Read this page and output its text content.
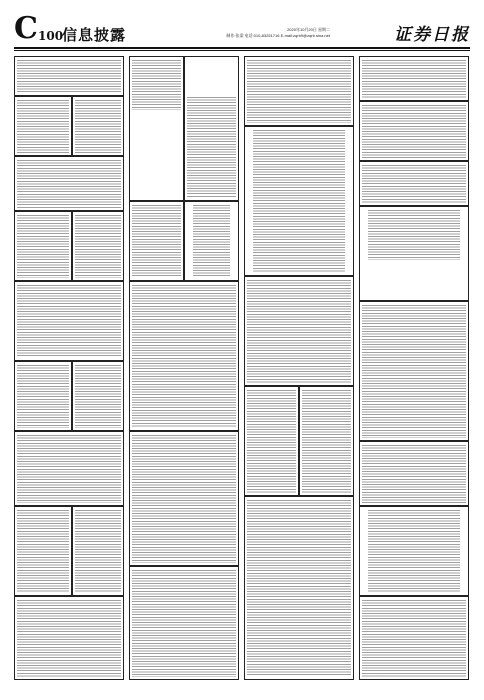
C 100
信息披露	2020年10月20日 星期二
制作:张梁 电话:010-83251716 E-mail:zqrb9@zqrb.sina.net	证券日报
